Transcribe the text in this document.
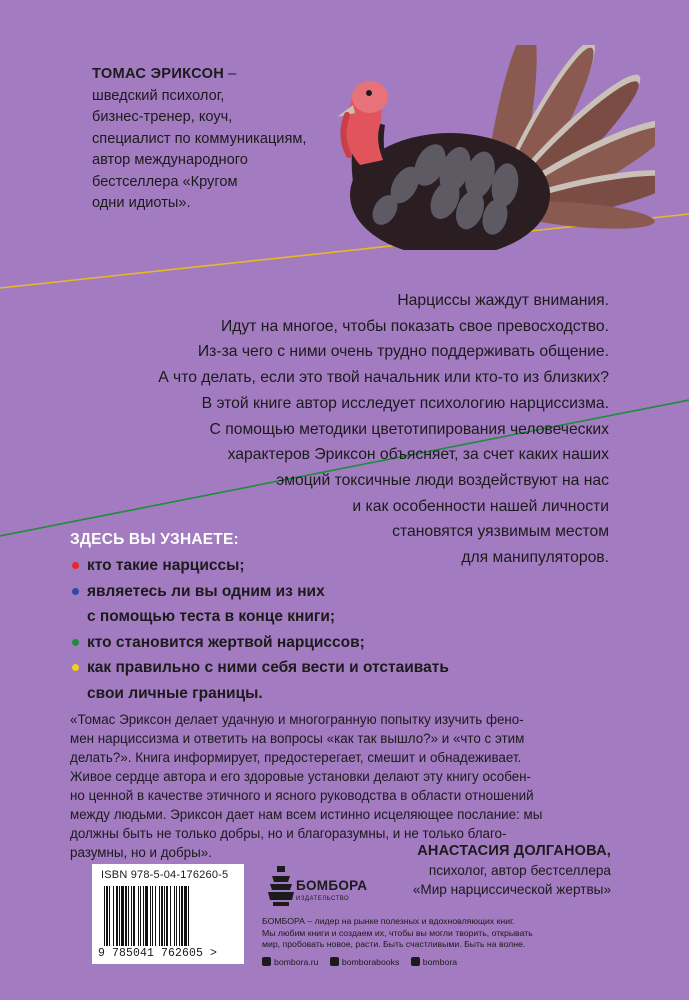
ТОМАС ЭРИКСОН –
шведский психолог,
бизнес-тренер, коуч,
специалист по коммуникациям,
автор международного
бестселлера «Кругом
одни идиоты».
Нарциссы жаждут внимания.
Идут на многое, чтобы показать свое превосходство.
Из-за чего с ними очень трудно поддерживать общение.
А что делать, если это твой начальник или кто-то из близких?
В этой книге автор исследует психологию нарциссизма.
С помощью методики цветотипирования человеческих
характеров Эриксон объясняет, за счет каких наших
эмоций токсичные люди воздействуют на нас
и как особенности нашей личности
становятся уязвимым местом
для манипуляторов.
ЗДЕСЬ ВЫ УЗНАЕТЕ:
кто такие нарциссы;
являетесь ли вы одним из них
с помощью теста в конце книги;
кто становится жертвой нарциссов;
как правильно с ними себя вести и отстаивать
свои личные границы.
«Томас Эриксон делает удачную и многогранную попытку изучить фено-
мен нарциссизма и ответить на вопросы «как так вышло?» и «что с этим
делать?». Книга информирует, предостерегает, смешит и обнадеживает.
Живое сердце автора и его здоровые установки делают эту книгу особен-
но ценной в качестве этичного и ясного руководства в области отношений
между людьми. Эриксон дает нам всем истинно исцеляющее послание: мы
должны быть не только добры, но и благоразумны, и не только благо-
разумны, но и добры».	АНАСТАСИЯ ДОЛГАНОВА,
психолог, автор бестселлера
«Мир нарциссической жертвы»
ISBN 978-5-04-176260-5
9 785041 762605 >
БОМБОРА
ИЗДАТЕЛЬСТВО
БОМБОРА – лидер на рынке полезных и вдохновляющих книг.
Мы любим книги и создаем их, чтобы вы могли творить, открывать
мир, пробовать новое, расти. Быть счастливыми. Быть на волне.
bombora.ru	bomborabooks	bombora
